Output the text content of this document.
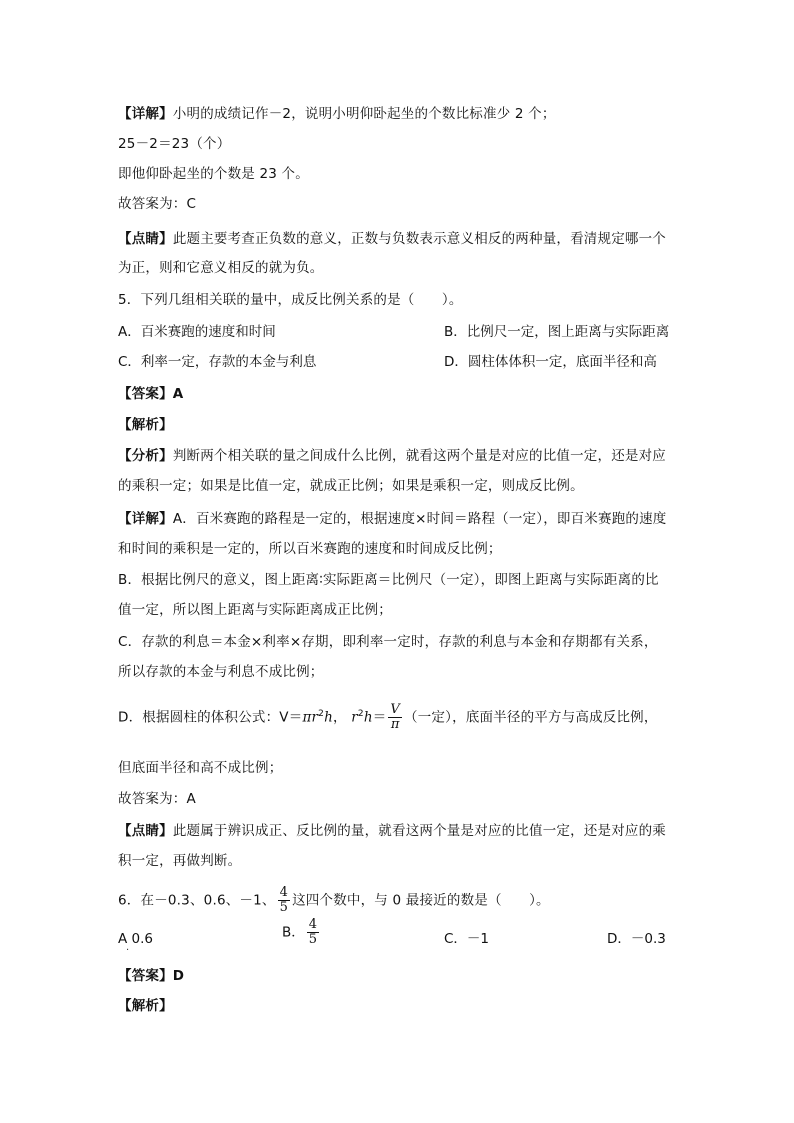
【详解】小明的成绩记作－2，说明小明仰卧起坐的个数比标准少 2 个；
25－2＝23（个）
即他仰卧起坐的个数是 23 个。
故答案为：C
【点睛】此题主要考查正负数的意义，正数与负数表示意义相反的两种量，看清规定哪一个
为正，则和它意义相反的就为负。
5．下列几组相关联的量中，成反比例关系的是（　　）。
A．百米赛跑的速度和时间	B．比例尺一定，图上距离与实际距离
C．利率一定，存款的本金与利息	D．圆柱体体积一定，底面半径和高
【答案】A
【解析】
【分析】判断两个相关联的量之间成什么比例，就看这两个量是对应的比值一定，还是对应
的乘积一定；如果是比值一定，就成正比例；如果是乘积一定，则成反比例。
【详解】A．百米赛跑的路程是一定的，根据速度×时间＝路程（一定），即百米赛跑的速度
和时间的乘积是一定的，所以百米赛跑的速度和时间成反比例；
B．根据比例尺的意义，图上距离∶实际距离＝比例尺（一定），即图上距离与实际距离的比
值一定，所以图上距离与实际距离成正比例；
C．存款的利息＝本金×利率×存期，即利率一定时，存款的利息与本金和存期都有关系，
所以存款的本金与利息不成比例；
D．根据圆柱的体积公式：$V=\pi r^2h$， $r^2h= \frac{V}{\pi}$ （一定），底面半径的平方与高成反比例，
但底面半径和高不成比例；
故答案为：A
【点睛】此题属于辨识成正、反比例的量，就看这两个量是对应的比值一定，还是对应的乘
积一定，再做判断。
6．在－0.3、0.6、－1、 $\frac{4}{5}$ 这四个数中，与 0 最接近的数是（　　）。
A 0.6
·
B． $\frac{4}{5}$	C．－1	D．－0.3
【答案】D
【解析】
